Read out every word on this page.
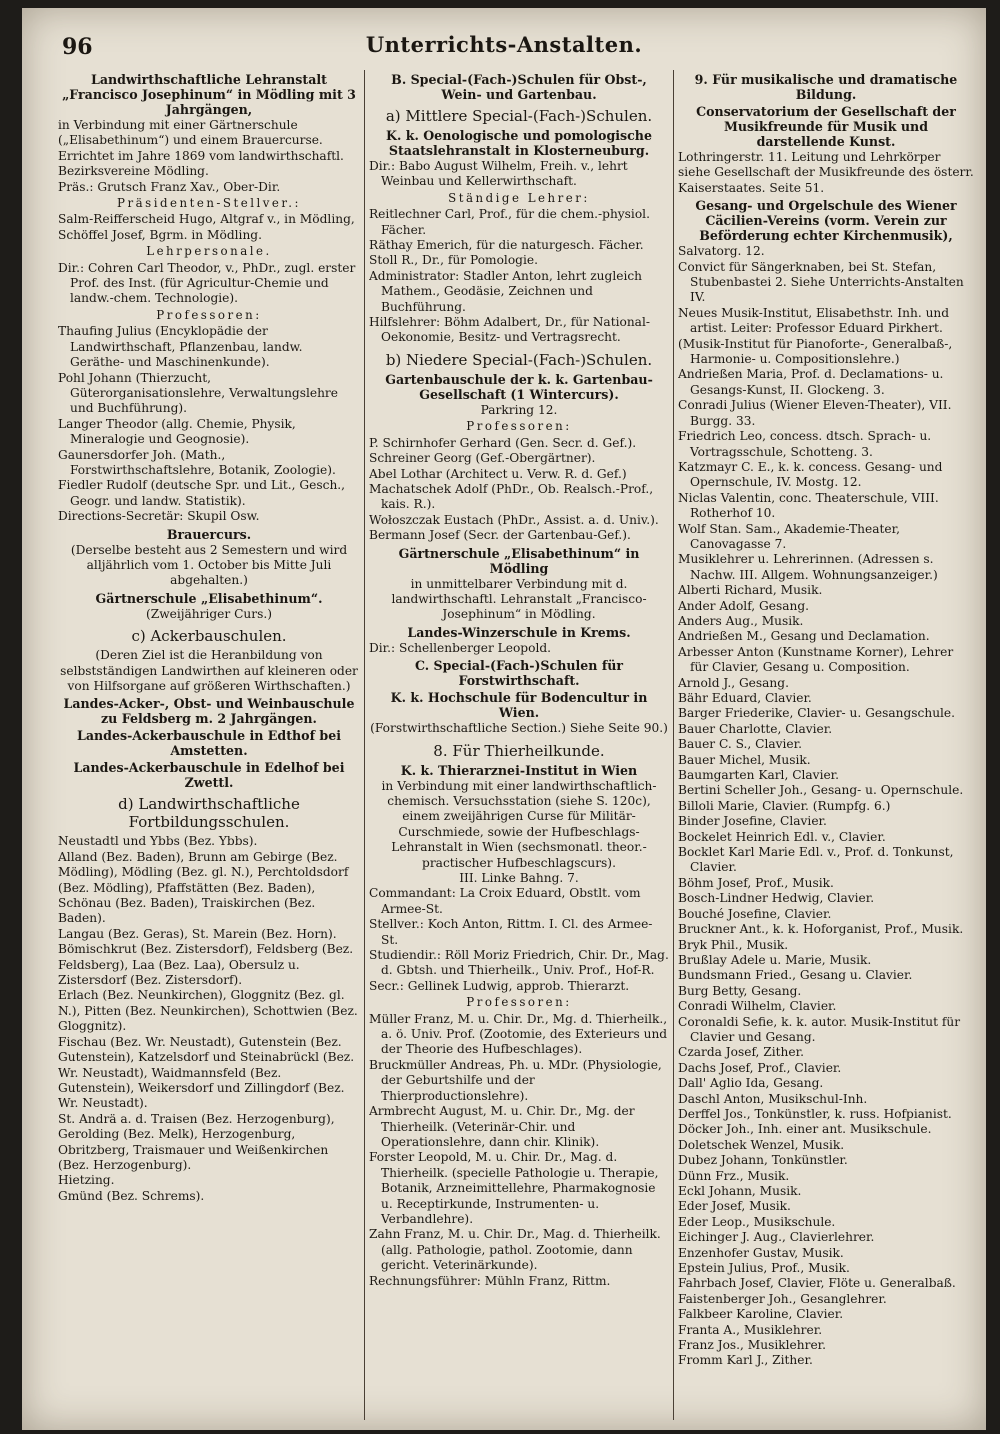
96	Unterrichts-Anstalten.
Landwirthschaftliche Lehranstalt „Francisco Josephinum“ in Mödling mit 3 Jahrgängen,
in Verbindung mit einer Gärtnerschule („Elisabethinum“) und einem Brauercurse. Errichtet im Jahre 1869 vom landwirthschaftl. Bezirksvereine Mödling.
Präs.: Grutsch Franz Xav., Ober-Dir.
Präsidenten-Stellver.:
Salm-Reifferscheid Hugo, Altgraf v., in Mödling,
Schöffel Josef, Bgrm. in Mödling.
Lehrpersonale.
Dir.: Cohren Carl Theodor, v., PhDr., zugl. erster Prof. des Inst. (für Agricultur-Chemie und landw.-chem. Technologie).
Professoren:
Thaufing Julius (Encyklopädie der Landwirthschaft, Pflanzenbau, landw. Geräthe- und Maschinenkunde).
Pohl Johann (Thierzucht, Güterorganisationslehre, Verwaltungslehre und Buchführung).
Langer Theodor (allg. Chemie, Physik, Mineralogie und Geognosie).
Gaunersdorfer Joh. (Math., Forstwirthschaftslehre, Botanik, Zoologie).
Fiedler Rudolf (deutsche Spr. und Lit., Gesch., Geogr. und landw. Statistik).
Directions-Secretär: Skupil Osw.
Brauercurs.
(Derselbe besteht aus 2 Semestern und wird alljährlich vom 1. October bis Mitte Juli abgehalten.)
Gärtnerschule „Elisabethinum“.
(Zweijähriger Curs.)
c) Ackerbauschulen.
(Deren Ziel ist die Heranbildung von selbstständigen Landwirthen auf kleineren oder von Hilfsorgane auf größeren Wirthschaften.)
Landes-Acker-, Obst- und Weinbauschule zu Feldsberg m. 2 Jahrgängen.
Landes-Ackerbauschule in Edthof bei Amstetten.
Landes-Ackerbauschule in Edelhof bei Zwettl.
d) Landwirthschaftliche Fortbildungsschulen.
Neustadtl und Ybbs (Bez. Ybbs).
Alland (Bez. Baden), Brunn am Gebirge (Bez. Mödling), Mödling (Bez. gl. N.), Perchtoldsdorf (Bez. Mödling), Pfaffstätten (Bez. Baden), Schönau (Bez. Baden), Traiskirchen (Bez. Baden).
Langau (Bez. Geras), St. Marein (Bez. Horn).
Bömischkrut (Bez. Zistersdorf), Feldsberg (Bez. Feldsberg), Laa (Bez. Laa), Obersulz u. Zistersdorf (Bez. Zistersdorf).
Erlach (Bez. Neunkirchen), Gloggnitz (Bez. gl. N.), Pitten (Bez. Neunkirchen), Schottwien (Bez. Gloggnitz).
Fischau (Bez. Wr. Neustadt), Gutenstein (Bez. Gutenstein), Katzelsdorf und Steinabrückl (Bez. Wr. Neustadt), Waidmannsfeld (Bez. Gutenstein), Weikersdorf und Zillingdorf (Bez. Wr. Neustadt).
St. Andrä a. d. Traisen (Bez. Herzogenburg), Gerolding (Bez. Melk), Herzogenburg, Obritzberg, Traismauer und Weißenkirchen (Bez. Herzogenburg).
Hietzing.
Gmünd (Bez. Schrems).
B. Special-(Fach-)Schulen für Obst-, Wein- und Gartenbau.
a) Mittlere Special-(Fach-)Schulen.
K. k. Oenologische und pomologische Staatslehranstalt in Klosterneuburg.
Dir.: Babo August Wilhelm, Freih. v., lehrt Weinbau und Kellerwirthschaft.
Ständige Lehrer:
Reitlechner Carl, Prof., für die chem.-physiol. Fächer.
Räthay Emerich, für die naturgesch. Fächer.
Stoll R., Dr., für Pomologie.
Administrator: Stadler Anton, lehrt zugleich Mathem., Geodäsie, Zeichnen und Buchführung.
Hilfslehrer: Böhm Adalbert, Dr., für National-Oekonomie, Besitz- und Vertragsrecht.
b) Niedere Special-(Fach-)Schulen.
Gartenbauschule der k. k. Gartenbau-Gesellschaft (1 Wintercurs).
Parkring 12.
Professoren:
P. Schirnhofer Gerhard (Gen. Secr. d. Gef.).
Schreiner Georg (Gef.-Obergärtner).
Abel Lothar (Architect u. Verw. R. d. Gef.)
Machatschek Adolf (PhDr., Ob. Realsch.-Prof., kais. R.).
Wołoszczak Eustach (PhDr., Assist. a. d. Univ.).
Bermann Josef (Secr. der Gartenbau-Gef.).
Gärtnerschule „Elisabethinum“ in Mödling
in unmittelbarer Verbindung mit d. landwirthschaftl. Lehranstalt „Francisco-Josephinum“ in Mödling.
Landes-Winzerschule in Krems.
Dir.: Schellenberger Leopold.
C. Special-(Fach-)Schulen für Forstwirthschaft.
K. k. Hochschule für Bodencultur in Wien.
(Forstwirthschaftliche Section.) Siehe Seite 90.)
8. Für Thierheilkunde.
K. k. Thierarznei-Institut in Wien
in Verbindung mit einer landwirthschaftlich-chemisch. Versuchsstation (siehe S. 120c), einem zweijährigen Curse für Militär-Curschmiede, sowie der Hufbeschlags-Lehranstalt in Wien (sechsmonatl. theor.-practischer Hufbeschlagscurs).
III. Linke Bahng. 7.
Commandant: La Croix Eduard, Obstlt. vom Armee-St.
Stellver.: Koch Anton, Rittm. I. Cl. des Armee-St.
Studiendir.: Röll Moriz Friedrich, Chir. Dr., Mag. d. Gbtsh. und Thierheilk., Univ. Prof., Hof-R.
Secr.: Gellinek Ludwig, approb. Thierarzt.
Professoren:
Müller Franz, M. u. Chir. Dr., Mg. d. Thierheilk., a. ö. Univ. Prof. (Zootomie, des Exterieurs und der Theorie des Hufbeschlages).
Bruckmüller Andreas, Ph. u. MDr. (Physiologie, der Geburtshilfe und der Thierproductionslehre).
Armbrecht August, M. u. Chir. Dr., Mg. der Thierheilk. (Veterinär-Chir. und Operationslehre, dann chir. Klinik).
Forster Leopold, M. u. Chir. Dr., Mag. d. Thierheilk. (specielle Pathologie u. Therapie, Botanik, Arzneimittellehre, Pharmakognosie u. Receptirkunde, Instrumenten- u. Verbandlehre).
Zahn Franz, M. u. Chir. Dr., Mag. d. Thierheilk. (allg. Pathologie, pathol. Zootomie, dann gericht. Veterinärkunde).
Rechnungsführer: Mühln Franz, Rittm.
9. Für musikalische und dramatische Bildung.
Conservatorium der Gesellschaft der Musikfreunde für Musik und darstellende Kunst.
Lothringerstr. 11. Leitung und Lehrkörper siehe Gesellschaft der Musikfreunde des österr. Kaiserstaates. Seite 51.
Gesang- und Orgelschule des Wiener Cäcilien-Vereins (vorm. Verein zur Beförderung echter Kirchenmusik),
Salvatorg. 12.
Convict für Sängerknaben, bei St. Stefan, Stubenbastei 2. Siehe Unterrichts-Anstalten IV.
Neues Musik-Institut, Elisabethstr. Inh. und artist. Leiter: Professor Eduard Pirkhert.
(Musik-Institut für Pianoforte-, Generalbaß-, Harmonie- u. Compositionslehre.)
Andrießen Maria, Prof. d. Declamations- u. Gesangs-Kunst, II. Glockeng. 3.
Conradi Julius (Wiener Eleven-Theater), VII. Burgg. 33.
Friedrich Leo, concess. dtsch. Sprach- u. Vortragsschule, Schotteng. 3.
Katzmayr C. E., k. k. concess. Gesang- und Opernschule, IV. Mostg. 12.
Niclas Valentin, conc. Theaterschule, VIII. Rotherhof 10.
Wolf Stan. Sam., Akademie-Theater, Canovagasse 7.
Musiklehrer u. Lehrerinnen. (Adressen s. Nachw. III. Allgem. Wohnungsanzeiger.)
Alberti Richard, Musik.
Ander Adolf, Gesang.
Anders Aug., Musik.
Andrießen M., Gesang und Declamation.
Arbesser Anton (Kunstname Korner), Lehrer für Clavier, Gesang u. Composition.
Arnold J., Gesang.
Bähr Eduard, Clavier.
Barger Friederike, Clavier- u. Gesangschule.
Bauer Charlotte, Clavier.
Bauer C. S., Clavier.
Bauer Michel, Musik.
Baumgarten Karl, Clavier.
Bertini Scheller Joh., Gesang- u. Opernschule.
Billoli Marie, Clavier. (Rumpfg. 6.)
Binder Josefine, Clavier.
Bockelet Heinrich Edl. v., Clavier.
Bocklet Karl Marie Edl. v., Prof. d. Tonkunst, Clavier.
Böhm Josef, Prof., Musik.
Bosch-Lindner Hedwig, Clavier.
Bouché Josefine, Clavier.
Bruckner Ant., k. k. Hoforganist, Prof., Musik.
Bryk Phil., Musik.
Brußlay Adele u. Marie, Musik.
Bundsmann Fried., Gesang u. Clavier.
Burg Betty, Gesang.
Conradi Wilhelm, Clavier.
Coronaldi Sefie, k. k. autor. Musik-Institut für Clavier und Gesang.
Czarda Josef, Zither.
Dachs Josef, Prof., Clavier.
Dall' Aglio Ida, Gesang.
Daschl Anton, Musikschul-Inh.
Derffel Jos., Tonkünstler, k. russ. Hofpianist.
Döcker Joh., Inh. einer ant. Musikschule.
Doletschek Wenzel, Musik.
Dubez Johann, Tonkünstler.
Dünn Frz., Musik.
Eckl Johann, Musik.
Eder Josef, Musik.
Eder Leop., Musikschule.
Eichinger J. Aug., Clavierlehrer.
Enzenhofer Gustav, Musik.
Epstein Julius, Prof., Musik.
Fahrbach Josef, Clavier, Flöte u. Generalbaß.
Faistenberger Joh., Gesanglehrer.
Falkbeer Karoline, Clavier.
Franta A., Musiklehrer.
Franz Jos., Musiklehrer.
Fromm Karl J., Zither.
